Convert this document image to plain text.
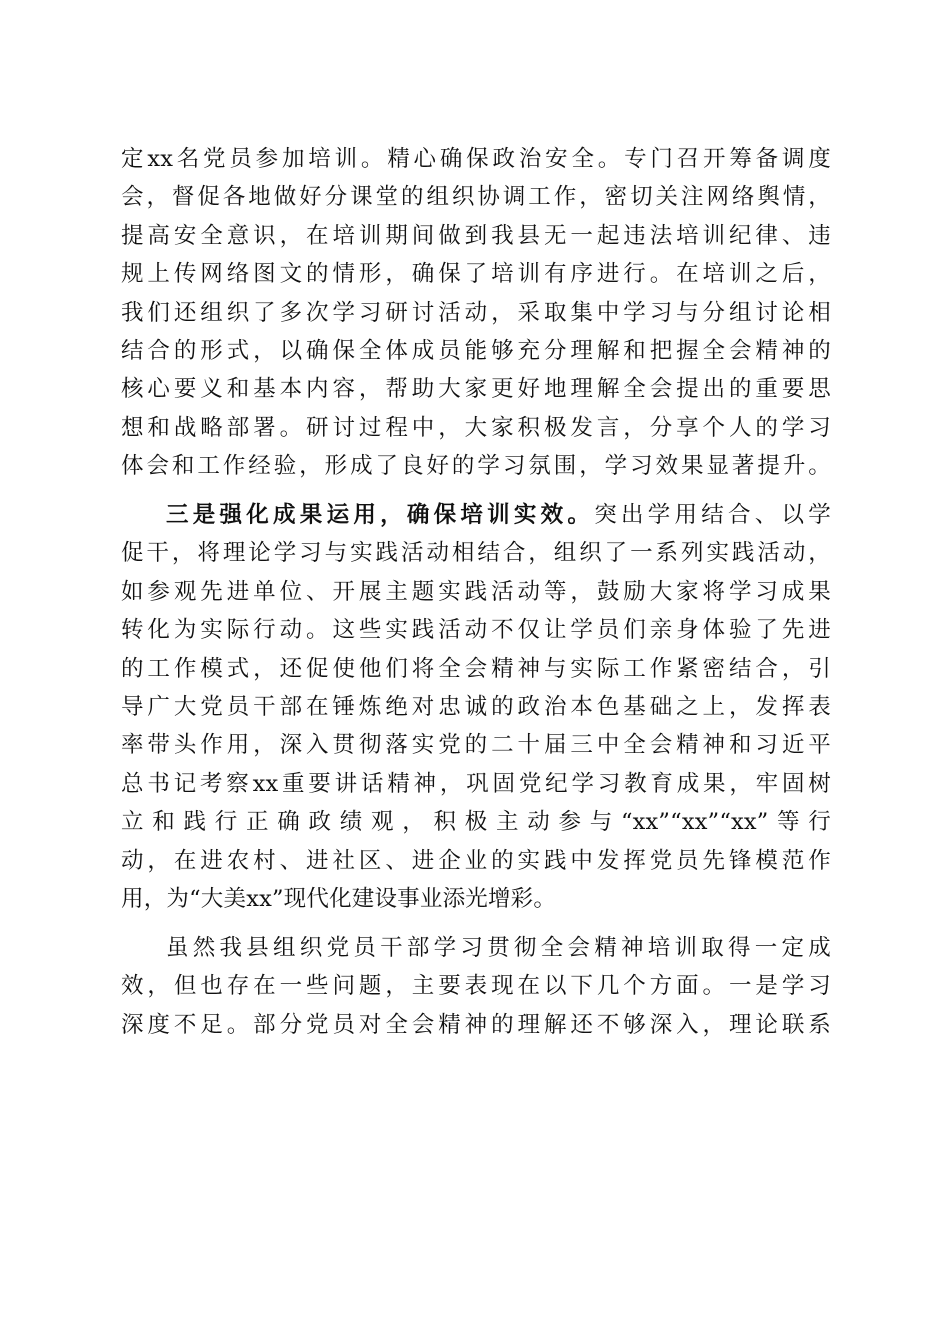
定xx名党员参加培训。精心确保政治安全。专门召开筹备调度
会，督促各地做好分课堂的组织协调工作，密切关注网络舆情，
提高安全意识，在培训期间做到我县无一起违法培训纪律、违
规上传网络图文的情形，确保了培训有序进行。在培训之后，
我们还组织了多次学习研讨活动，采取集中学习与分组讨论相
结合的形式，以确保全体成员能够充分理解和把握全会精神的
核心要义和基本内容，帮助大家更好地理解全会提出的重要思
想和战略部署。研讨过程中，大家积极发言，分享个人的学习
体会和工作经验，形成了良好的学习氛围，学习效果显著提升。
三是强化成果运用，确保培训实效。突出学用结合、以学
促干，将理论学习与实践活动相结合，组织了一系列实践活动，
如参观先进单位、开展主题实践活动等，鼓励大家将学习成果
转化为实际行动。这些实践活动不仅让学员们亲身体验了先进
的工作模式，还促使他们将全会精神与实际工作紧密结合，引
导广大党员干部在锤炼绝对忠诚的政治本色基础之上，发挥表
率带头作用，深入贯彻落实党的二十届三中全会精神和习近平
总书记考察xx重要讲话精神，巩固党纪学习教育成果，牢固树
立和践行正确政绩观，积极主动参与“xx”“xx”“xx”等行
动，在进农村、进社区、进企业的实践中发挥党员先锋模范作
用，为“大美xx”现代化建设事业添光增彩。
虽然我县组织党员干部学习贯彻全会精神培训取得一定成
效，但也存在一些问题，主要表现在以下几个方面。一是学习
深度不足。部分党员对全会精神的理解还不够深入，理论联系
